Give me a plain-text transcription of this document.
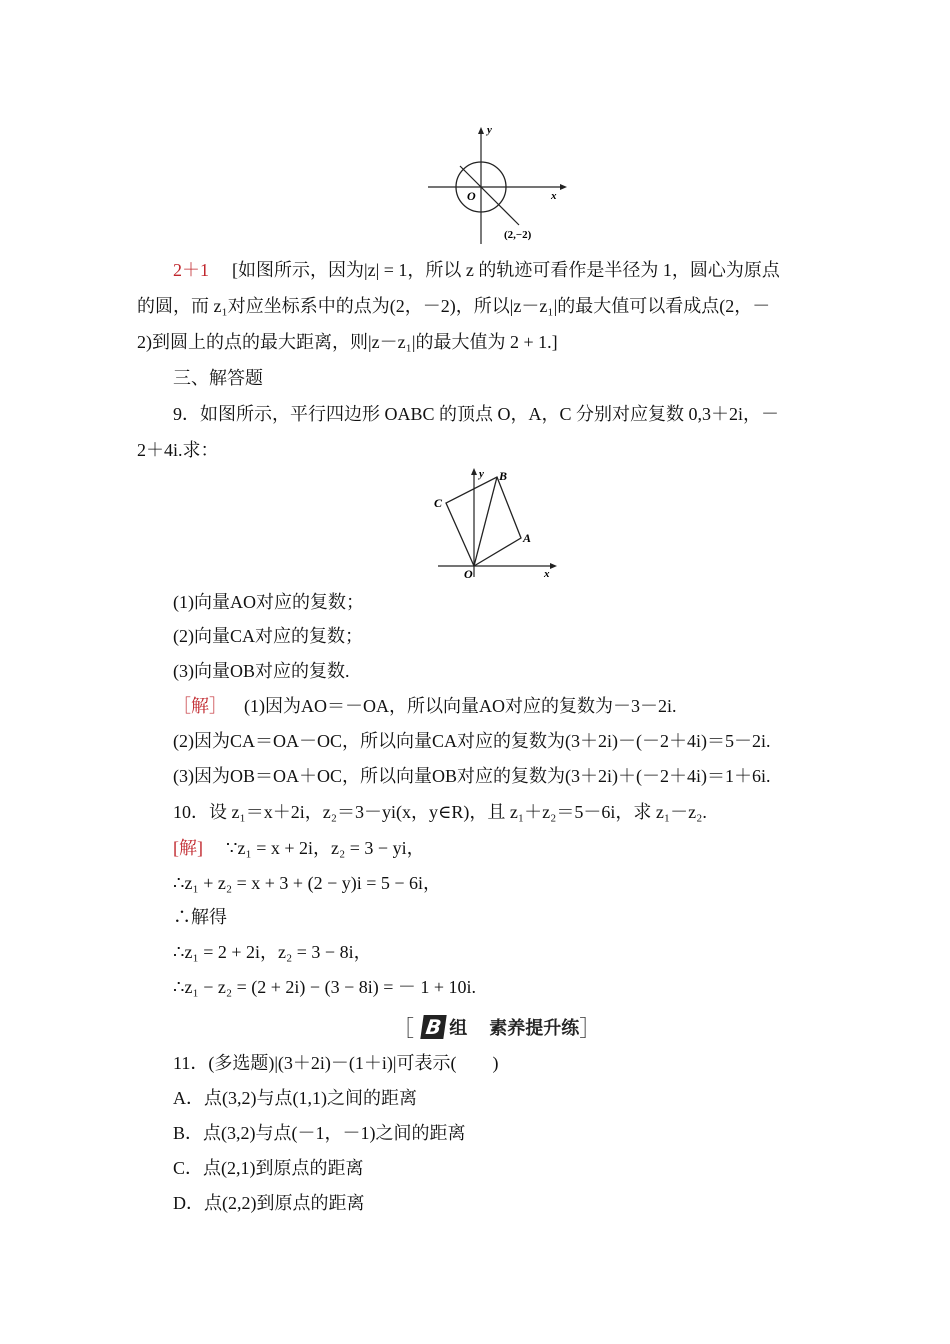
y
x
O
(2,−2)
2＋1 [如图所示，因为|z| = 1，所以 z 的轨迹可看作是半径为 1，圆心为原点
的圆，而 z₁对应坐标系中的点为(2，－2)，所以|z－z₁|的最大值可以看成点(2，－
2)到圆上的点的最大距离，则|z－z₁|的最大值为 2 + 1.]
三、解答题
9．如图所示，平行四边形 OABC 的顶点 O，A，C 分别对应复数 0,3＋2i，－
2＋4i.求：
y
x
O
A
B
C
(1)向量AO对应的复数；
(2)向量CA对应的复数；
(3)向量OB对应的复数.
［解］ (1)因为AO＝－OA，所以向量AO对应的复数为－3－2i.
(2)因为CA＝OA－OC，所以向量CA对应的复数为(3＋2i)－(－2＋4i)＝5－2i.
(3)因为OB＝OA＋OC，所以向量OB对应的复数为(3＋2i)＋(－2＋4i)＝1＋6i.
10．设 z₁＝x＋2i，z₂＝3－yi(x，y∈R)，且 z₁＋z₂＝5－6i，求 z₁－z₂.
[解] ∵z₁ = x + 2i，z₂ = 3 − yi，
∴z₁ + z₂ = x + 3 + (2 − y)i = 5 − 6i，
∴解得
∴z₁ = 2 + 2i，z₂ = 3 − 8i，
∴z₁ − z₂ = (2 + 2i) − (3 − 8i) = － 1 + 10i.
［ B 组 素养提升练 ］
11．(多选题)|(3＋2i)－(1＋i)|可表示(　　)
A．点(3,2)与点(1,1)之间的距离
B．点(3,2)与点(－1，－1)之间的距离
C．点(2,1)到原点的距离
D．点(2,2)到原点的距离
